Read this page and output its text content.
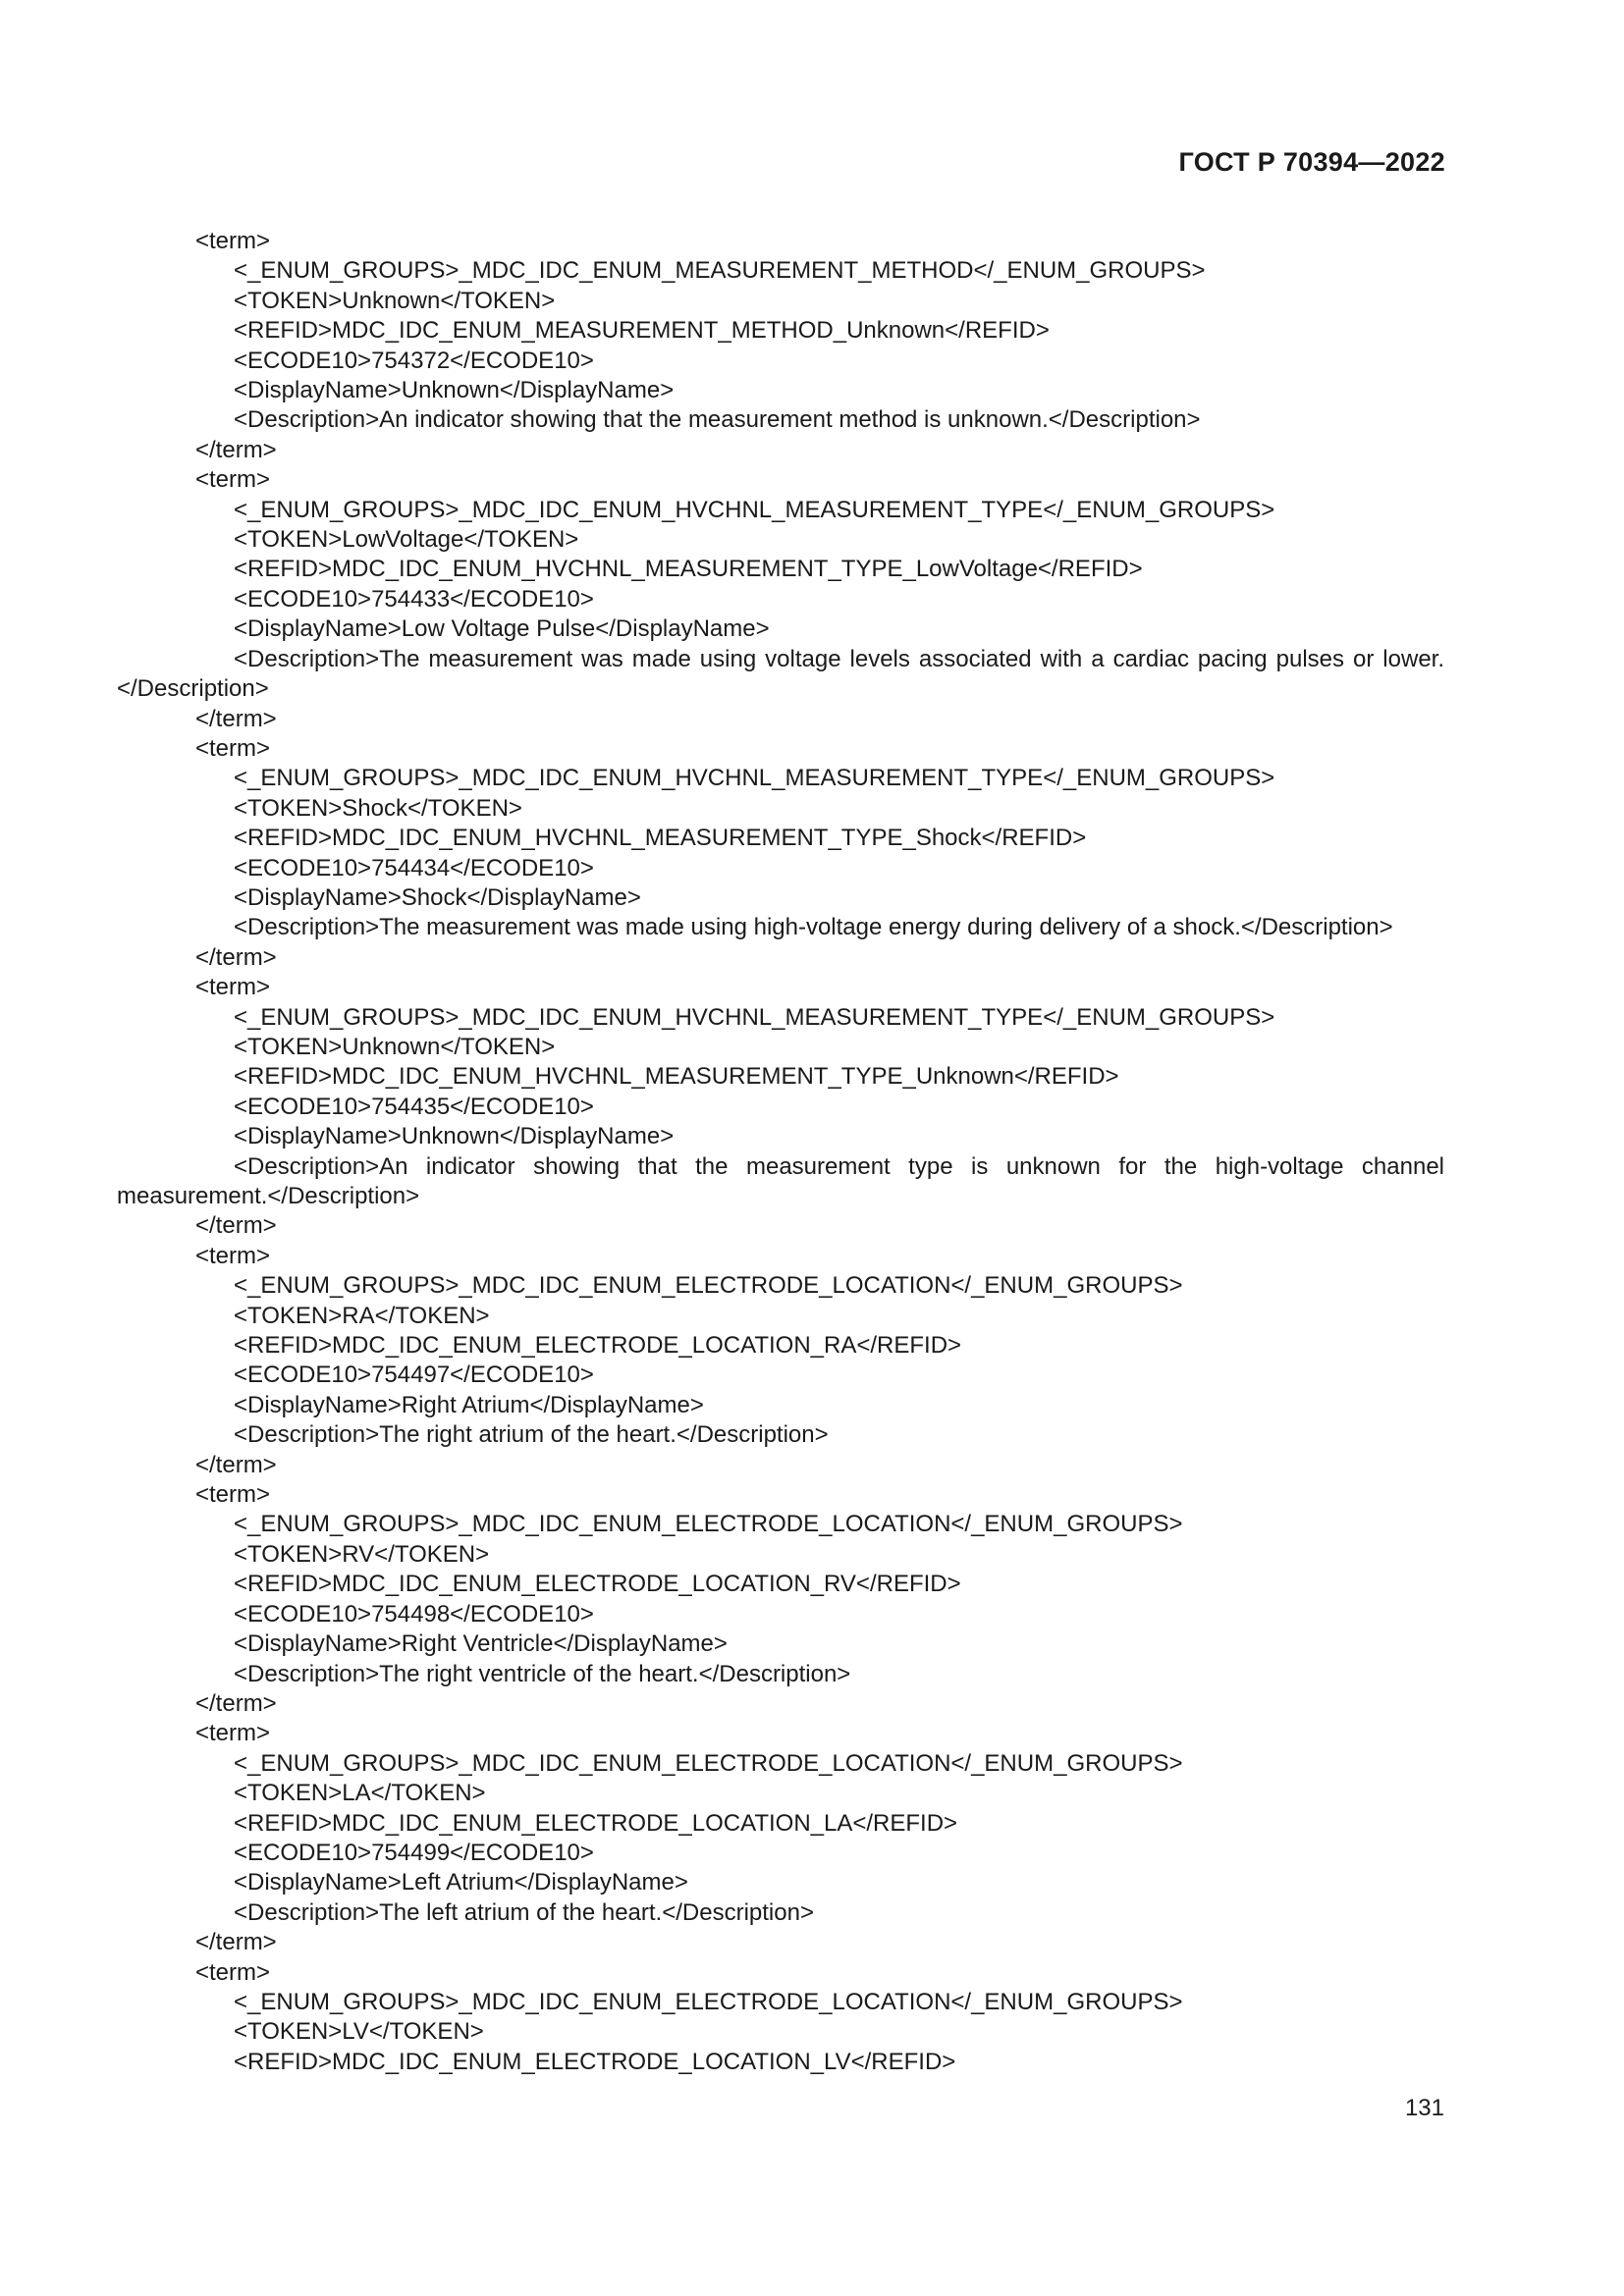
ГОСТ Р 70394—2022
<term>
<_ENUM_GROUPS>_MDC_IDC_ENUM_MEASUREMENT_METHOD</_ENUM_GROUPS>
<TOKEN>Unknown</TOKEN>
<REFID>MDC_IDC_ENUM_MEASUREMENT_METHOD_Unknown</REFID>
<ECODE10>754372</ECODE10>
<DisplayName>Unknown</DisplayName>
<Description>An indicator showing that the measurement method is unknown.</Description>
</term>
<term>
<_ENUM_GROUPS>_MDC_IDC_ENUM_HVCHNL_MEASUREMENT_TYPE</_ENUM_GROUPS>
<TOKEN>LowVoltage</TOKEN>
<REFID>MDC_IDC_ENUM_HVCHNL_MEASUREMENT_TYPE_LowVoltage</REFID>
<ECODE10>754433</ECODE10>
<DisplayName>Low Voltage Pulse</DisplayName>
<Description>The measurement was made using voltage levels associated with a cardiac pacing pulses or lower.</Description>
</term>
<term>
<_ENUM_GROUPS>_MDC_IDC_ENUM_HVCHNL_MEASUREMENT_TYPE</_ENUM_GROUPS>
<TOKEN>Shock</TOKEN>
<REFID>MDC_IDC_ENUM_HVCHNL_MEASUREMENT_TYPE_Shock</REFID>
<ECODE10>754434</ECODE10>
<DisplayName>Shock</DisplayName>
<Description>The measurement was made using high-voltage energy during delivery of a shock.</Description>
</term>
<term>
<_ENUM_GROUPS>_MDC_IDC_ENUM_HVCHNL_MEASUREMENT_TYPE</_ENUM_GROUPS>
<TOKEN>Unknown</TOKEN>
<REFID>MDC_IDC_ENUM_HVCHNL_MEASUREMENT_TYPE_Unknown</REFID>
<ECODE10>754435</ECODE10>
<DisplayName>Unknown</DisplayName>
<Description>An indicator showing that the measurement type is unknown for the high-voltage channel measurement.</Description>
</term>
<term>
<_ENUM_GROUPS>_MDC_IDC_ENUM_ELECTRODE_LOCATION</_ENUM_GROUPS>
<TOKEN>RA</TOKEN>
<REFID>MDC_IDC_ENUM_ELECTRODE_LOCATION_RA</REFID>
<ECODE10>754497</ECODE10>
<DisplayName>Right Atrium</DisplayName>
<Description>The right atrium of the heart.</Description>
</term>
<term>
<_ENUM_GROUPS>_MDC_IDC_ENUM_ELECTRODE_LOCATION</_ENUM_GROUPS>
<TOKEN>RV</TOKEN>
<REFID>MDC_IDC_ENUM_ELECTRODE_LOCATION_RV</REFID>
<ECODE10>754498</ECODE10>
<DisplayName>Right Ventricle</DisplayName>
<Description>The right ventricle of the heart.</Description>
</term>
<term>
<_ENUM_GROUPS>_MDC_IDC_ENUM_ELECTRODE_LOCATION</_ENUM_GROUPS>
<TOKEN>LA</TOKEN>
<REFID>MDC_IDC_ENUM_ELECTRODE_LOCATION_LA</REFID>
<ECODE10>754499</ECODE10>
<DisplayName>Left Atrium</DisplayName>
<Description>The left atrium of the heart.</Description>
</term>
<term>
<_ENUM_GROUPS>_MDC_IDC_ENUM_ELECTRODE_LOCATION</_ENUM_GROUPS>
<TOKEN>LV</TOKEN>
<REFID>MDC_IDC_ENUM_ELECTRODE_LOCATION_LV</REFID>
131
